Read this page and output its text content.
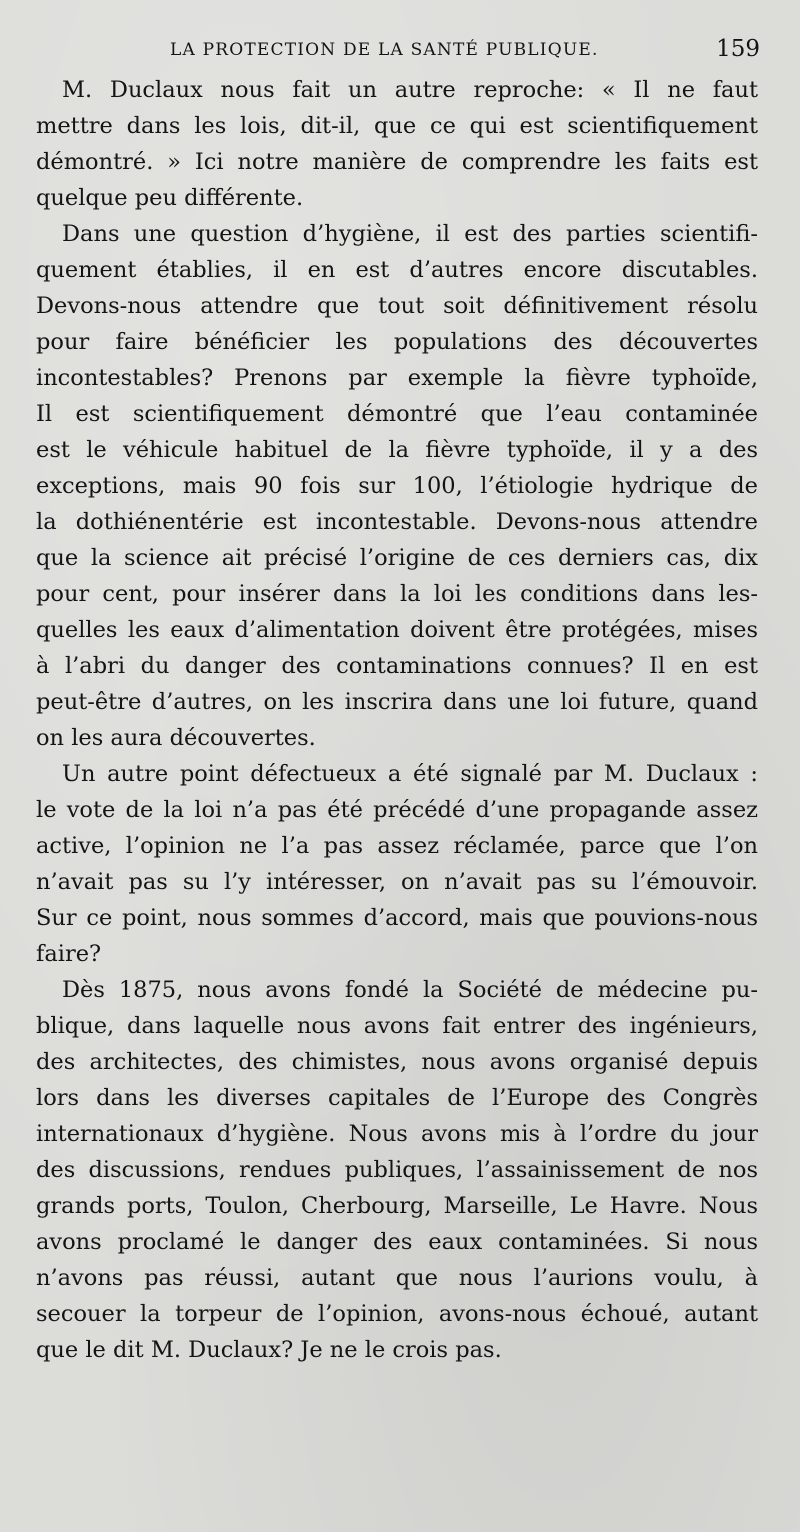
LA PROTECTION DE LA SANTÉ PUBLIQUE.	159
M. Duclaux nous fait un autre reproche: « Il ne faut
mettre dans les lois, dit-il, que ce qui est scientifiquement
démontré. » Ici notre manière de comprendre les faits est
quelque peu différente.
Dans une question d’hygiène, il est des parties scientifi-
quement établies, il en est d’autres encore discutables.
Devons-nous attendre que tout soit définitivement résolu
pour faire bénéficier les populations des découvertes
incontestables? Prenons par exemple la fièvre typhoïde,
Il est scientifiquement démontré que l’eau contaminée
est le véhicule habituel de la fièvre typhoïde, il y a des
exceptions, mais 90 fois sur 100, l’étiologie hydrique de
la dothiénentérie est incontestable. Devons-nous attendre
que la science ait précisé l’origine de ces derniers cas, dix
pour cent, pour insérer dans la loi les conditions dans les-
quelles les eaux d’alimentation doivent être protégées, mises
à l’abri du danger des contaminations connues? Il en est
peut-être d’autres, on les inscrira dans une loi future, quand
on les aura découvertes.
Un autre point défectueux a été signalé par M. Duclaux :
le vote de la loi n’a pas été précédé d’une propagande assez
active, l’opinion ne l’a pas assez réclamée, parce que l’on
n’avait pas su l’y intéresser, on n’avait pas su l’émouvoir.
Sur ce point, nous sommes d’accord, mais que pouvions-nous
faire?
Dès 1875, nous avons fondé la Société de médecine pu-
blique, dans laquelle nous avons fait entrer des ingénieurs,
des architectes, des chimistes, nous avons organisé depuis
lors dans les diverses capitales de l’Europe des Congrès
internationaux d’hygiène. Nous avons mis à l’ordre du jour
des discussions, rendues publiques, l’assainissement de nos
grands ports, Toulon, Cherbourg, Marseille, Le Havre. Nous
avons proclamé le danger des eaux contaminées. Si nous
n’avons pas réussi, autant que nous l’aurions voulu, à
secouer la torpeur de l’opinion, avons-nous échoué, autant
que le dit M. Duclaux? Je ne le crois pas.
